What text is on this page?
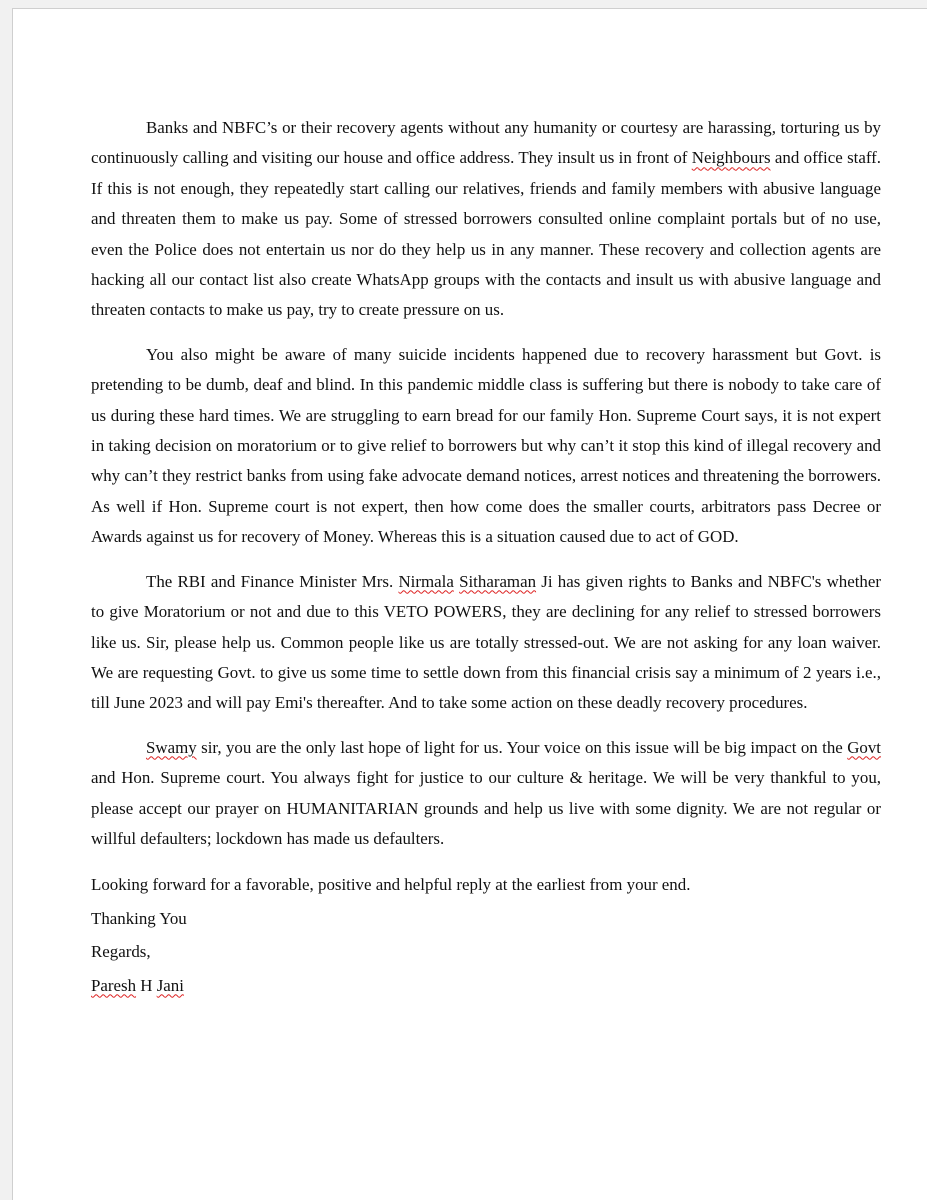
Banks and NBFC’s or their recovery agents without any humanity or courtesy are harassing, torturing us by continuously calling and visiting our house and office address. They insult us in front of Neighbours and office staff. If this is not enough, they repeatedly start calling our relatives, friends and family members with abusive language and threaten them to make us pay. Some of stressed borrowers consulted online complaint portals but of no use, even the Police does not entertain us nor do they help us in any manner. These recovery and collection agents are hacking all our contact list also create WhatsApp groups with the contacts and insult us with abusive language and threaten contacts to make us pay, try to create pressure on us.

You also might be aware of many suicide incidents happened due to recovery harassment but Govt. is pretending to be dumb, deaf and blind. In this pandemic middle class is suffering but there is nobody to take care of us during these hard times. We are struggling to earn bread for our family Hon. Supreme Court says, it is not expert in taking decision on moratorium or to give relief to borrowers but why can’t it stop this kind of illegal recovery and why can’t they restrict banks from using fake advocate demand notices, arrest notices and threatening the borrowers. As well if Hon. Supreme court is not expert, then how come does the smaller courts, arbitrators pass Decree or Awards against us for recovery of Money. Whereas this is a situation caused due to act of GOD.

The RBI and Finance Minister Mrs. Nirmala Sitharaman Ji has given rights to Banks and NBFC's whether to give Moratorium or not and due to this VETO POWERS, they are declining for any relief to stressed borrowers like us. Sir, please help us. Common people like us are totally stressed-out. We are not asking for any loan waiver. We are requesting Govt. to give us some time to settle down from this financial crisis say a minimum of 2 years i.e., till June 2023 and will pay Emi's thereafter. And to take some action on these deadly recovery procedures.

Swamy sir, you are the only last hope of light for us. Your voice on this issue will be big impact on the Govt and Hon. Supreme court. You always fight for justice to our culture & heritage. We will be very thankful to you, please accept our prayer on HUMANITARIAN grounds and help us live with some dignity. We are not regular or willful defaulters; lockdown has made us defaulters.

Looking forward for a favorable, positive and helpful reply at the earliest from your end.

Thanking You

Regards,

Paresh H Jani
